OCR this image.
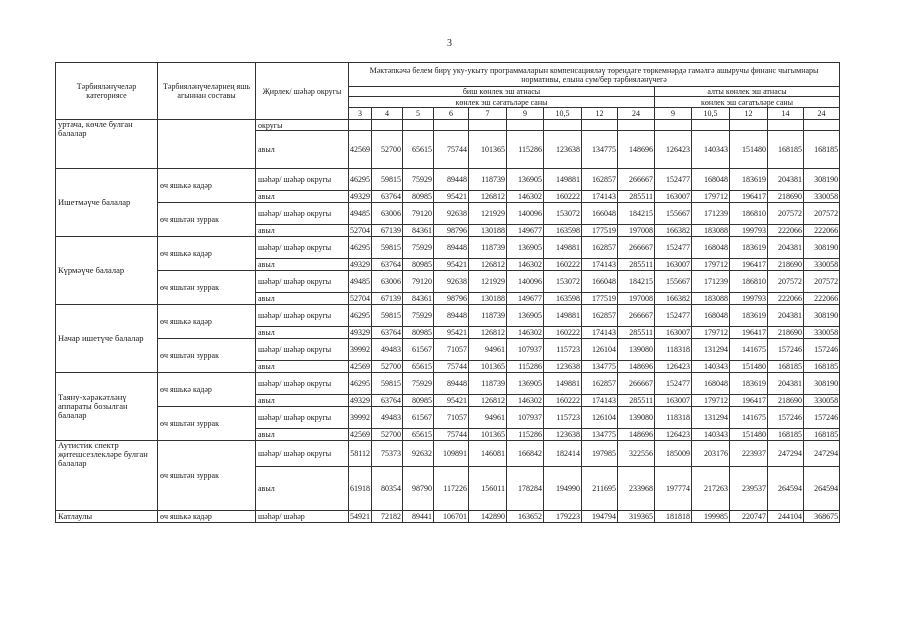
3
Тәрбияләнүчеләр категориясе	Тәрбияләнүчеләрнең яшь агыннан составы	Җирлек/ шәһәр округы	Мәктәпкәчә белем бирү уку-укыту программаларын компенсацияләү төрендәге төркемнәрдә гамәлгә ашыручы финанс чыгымнары нормативы, елына сум/бер тәрбияләнүчегә													
			биш көнлек эш атнасы									алты көнлек эш атнасы				
			көнлек эш сәгатьләре саны									көнлек эш сәгатьләре саны				
			3	4	5	6	7	9	10,5	12	24	9	10,5	12	14	24
уртача, көчле булган балалар		округы														
		авыл	42569	52700	65615	75744	101365	115286	123638	134775	148696	126423	140343	151480	168185	168185
Ишетмәүче балалар	өч яшькә кадәр	шәһәр/ шәһәр округы	46295	59815	75929	89448	118739	136905	149881	162857	266667	152477	168048	183619	204381	308190
		авыл	49329	63764	80985	95421	126812	146302	160222	174143	285511	163007	179712	196417	218690	330058
	өч яшьтән зуррак	шәһәр/ шәһәр округы	49485	63006	79120	92638	121929	140096	153072	166048	184215	155667	171239	186810	207572	207572
		авыл	52704	67139	84361	98796	130188	149677	163598	177519	197008	166382	183088	199793	222066	222066
Күрмәүче балалар	өч яшькә кадәр	шәһәр/ шәһәр округы	46295	59815	75929	89448	118739	136905	149881	162857	266667	152477	168048	183619	204381	308190
		авыл	49329	63764	80985	95421	126812	146302	160222	174143	285511	163007	179712	196417	218690	330058
	өч яшьтән зуррак	шәһәр/ шәһәр округы	49485	63006	79120	92638	121929	140096	153072	166048	184215	155667	171239	186810	207572	207572
		авыл	52704	67139	84361	98796	130188	149677	163598	177519	197008	166382	183088	199793	222066	222066
Начар ишетүче балалар	өч яшькә кадәр	шәһәр/ шәһәр округы	46295	59815	75929	89448	118739	136905	149881	162857	266667	152477	168048	183619	204381	308190
		авыл	49329	63764	80985	95421	126812	146302	160222	174143	285511	163007	179712	196417	218690	330058
	өч яшьтән зуррак	шәһәр/ шәһәр округы	39992	49483	61567	71057	94961	107937	115723	126104	139080	118318	131294	141675	157246	157246
		авыл	42569	52700	65615	75744	101365	115286	123638	134775	148696	126423	140343	151480	168185	168185
Таяну-хәрәкәтләнү аппараты бозылган балалар	өч яшькә кадәр	шәһәр/ шәһәр округы	46295	59815	75929	89448	118739	136905	149881	162857	266667	152477	168048	183619	204381	308190
		авыл	49329	63764	80985	95421	126812	146302	160222	174143	285511	163007	179712	196417	218690	330058
	өч яшьтән зуррак	шәһәр/ шәһәр округы	39992	49483	61567	71057	94961	107937	115723	126104	139080	118318	131294	141675	157246	157246
		авыл	42569	52700	65615	75744	101365	115286	123638	134775	148696	126423	140343	151480	168185	168185
Аутистик спектр җитешсезлекләре булган балалар	өч яшьтән зуррак	шәһәр/ шәһәр округы	58112	75373	92632	109891	146081	166842	182414	197985	322556	185009	203176	223937	247294	247294
		авыл	61918	80354	98790	117226	156011	178284	194990	211695	233968	197774	217263	239537	264594	264594
Катлаулы	өч яшькә кадәр	шәһәр/ шәһәр	54921	72182	89441	106701	142890	163652	179223	194794	319365	181818	199985	220747	244104	368675
